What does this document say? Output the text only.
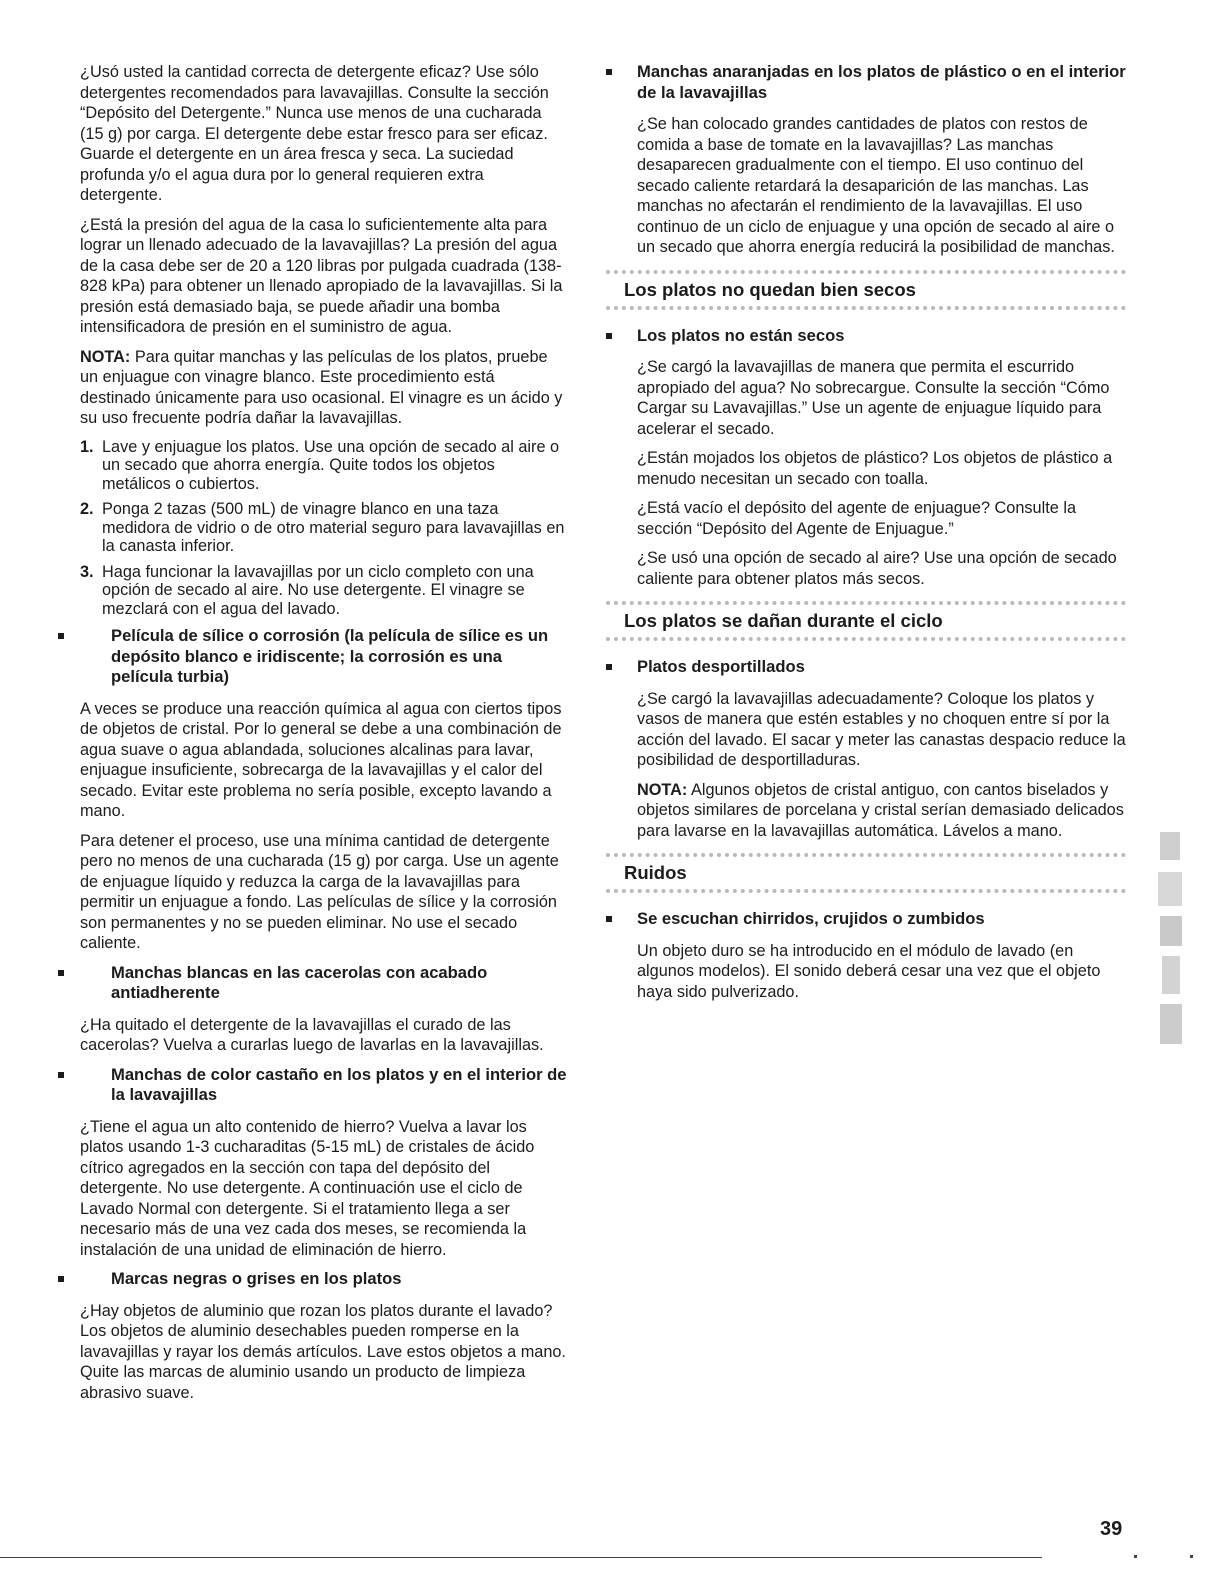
¿Usó usted la cantidad correcta de detergente eficaz? Use sólo detergentes recomendados para lavavajillas. Consulte la sección “Depósito del Detergente.” Nunca use menos de una cucharada (15 g) por carga. El detergente debe estar fresco para ser eficaz. Guarde el detergente en un área fresca y seca. La suciedad profunda y/o el agua dura por lo general requieren extra detergente.

¿Está la presión del agua de la casa lo suficientemente alta para lograr un llenado adecuado de la lavavajillas? La presión del agua de la casa debe ser de 20 a 120 libras por pulgada cuadrada (138-828 kPa) para obtener un llenado apropiado de la lavavajillas. Si la presión está demasiado baja, se puede añadir una bomba intensificadora de presión en el suministro de agua.

NOTA: Para quitar manchas y las películas de los platos, pruebe un enjuague con vinagre blanco. Este procedimiento está destinado únicamente para uso ocasional. El vinagre es un ácido y su uso frecuente podría dañar la lavavajillas.

1. Lave y enjuague los platos. Use una opción de secado al aire o un secado que ahorra energía. Quite todos los objetos metálicos o cubiertos.
2. Ponga 2 tazas (500 mL) de vinagre blanco en una taza medidora de vidrio o de otro material seguro para lavavajillas en la canasta inferior.
3. Haga funcionar la lavavajillas por un ciclo completo con una opción de secado al aire. No use detergente. El vinagre se mezclará con el agua del lavado.
Película de sílice o corrosión (la película de sílice es un depósito blanco e iridiscente; la corrosión es una película turbia)

A veces se produce una reacción química al agua con ciertos tipos de objetos de cristal. Por lo general se debe a una combinación de agua suave o agua ablandada, soluciones alcalinas para lavar, enjuague insuficiente, sobrecarga de la lavavajillas y el calor del secado. Evitar este problema no sería posible, excepto lavando a mano.

Para detener el proceso, use una mínima cantidad de detergente pero no menos de una cucharada (15 g) por carga. Use un agente de enjuague líquido y reduzca la carga de la lavavajillas para permitir un enjuague a fondo. Las películas de sílice y la corrosión son permanentes y no se pueden eliminar. No use el secado caliente.

Manchas blancas en las cacerolas con acabado antiadherente

¿Ha quitado el detergente de la lavavajillas el curado de las cacerolas? Vuelva a curarlas luego de lavarlas en la lavavajillas.

Manchas de color castaño en los platos y en el interior de la lavavajillas

¿Tiene el agua un alto contenido de hierro? Vuelva a lavar los platos usando 1-3 cucharaditas (5-15 mL) de cristales de ácido cítrico agregados en la sección con tapa del depósito del detergente. No use detergente. A continuación use el ciclo de Lavado Normal con detergente. Si el tratamiento llega a ser necesario más de una vez cada dos meses, se recomienda la instalación de una unidad de eliminación de hierro.

Marcas negras o grises en los platos

¿Hay objetos de aluminio que rozan los platos durante el lavado? Los objetos de aluminio desechables pueden romperse en la lavavajillas y rayar los demás artículos. Lave estos objetos a mano. Quite las marcas de aluminio usando un producto de limpieza abrasivo suave.

Manchas anaranjadas en los platos de plástico o en el interior de la lavavajillas

¿Se han colocado grandes cantidades de platos con restos de comida a base de tomate en la lavavajillas? Las manchas desaparecen gradualmente con el tiempo. El uso continuo del secado caliente retardará la desaparición de las manchas. Las manchas no afectarán el rendimiento de la lavavajillas. El uso continuo de un ciclo de enjuague y una opción de secado al aire o un secado que ahorra energía reducirá la posibilidad de manchas.

Los platos no quedan bien secos
Los platos no están secos

¿Se cargó la lavavajillas de manera que permita el escurrido apropiado del agua? No sobrecargue. Consulte la sección “Cómo Cargar su Lavavajillas.” Use un agente de enjuague líquido para acelerar el secado.

¿Están mojados los objetos de plástico? Los objetos de plástico a menudo necesitan un secado con toalla.

¿Está vacío el depósito del agente de enjuague? Consulte la sección “Depósito del Agente de Enjuague.”

¿Se usó una opción de secado al aire? Use una opción de secado caliente para obtener platos más secos.

Los platos se dañan durante el ciclo
Platos desportillados

¿Se cargó la lavavajillas adecuadamente? Coloque los platos y vasos de manera que estén estables y no choquen entre sí por la acción del lavado. El sacar y meter las canastas despacio reduce la posibilidad de desportilladuras.

NOTA: Algunos objetos de cristal antiguo, con cantos biselados y objetos similares de porcelana y cristal serían demasiado delicados para lavarse en la lavavajillas automática. Lávelos a mano.

Ruidos
Se escuchan chirridos, crujidos o zumbidos

Un objeto duro se ha introducido en el módulo de lavado (en algunos modelos). El sonido deberá cesar una vez que el objeto haya sido pulverizado.

39
